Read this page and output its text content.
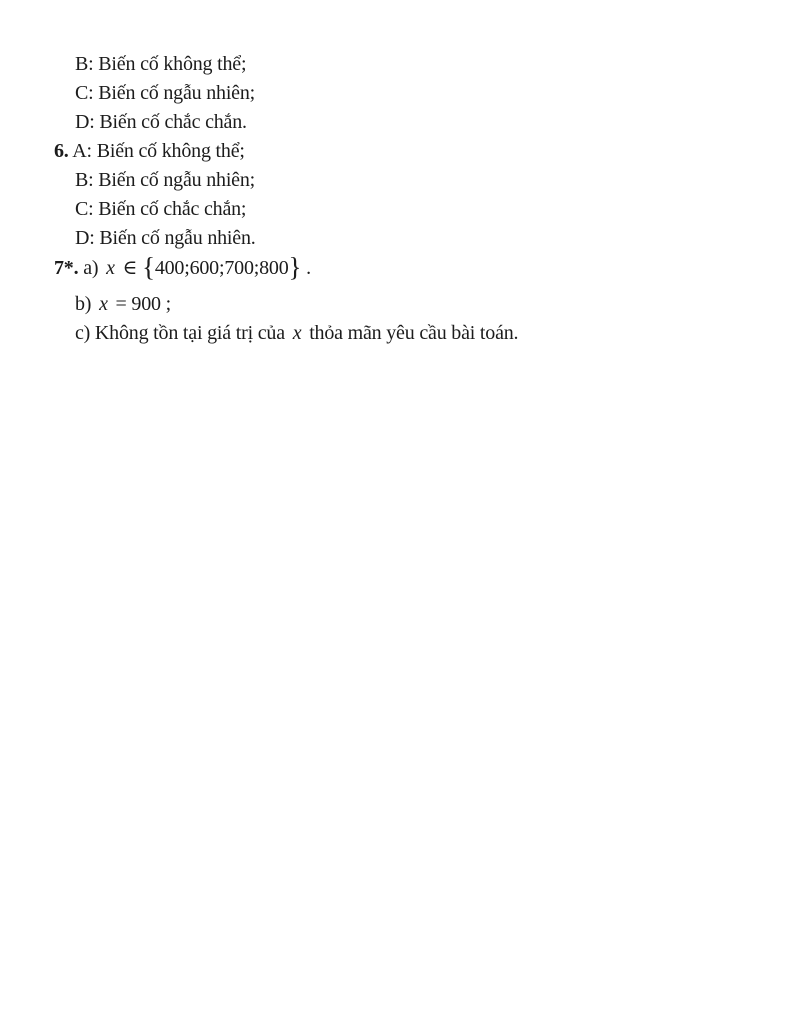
B: Biến cố không thể;
C: Biến cố ngẫu nhiên;
D: Biến cố chắc chắn.
6. A: Biến cố không thể;
B: Biến cố ngẫu nhiên;
C: Biến cố chắc chắn;
D: Biến cố ngẫu nhiên.
7*. a) x ∈ {400;600;700;800} .
b) x = 900 ;
c) Không tồn tại giá trị của x thỏa mãn yêu cầu bài toán.
